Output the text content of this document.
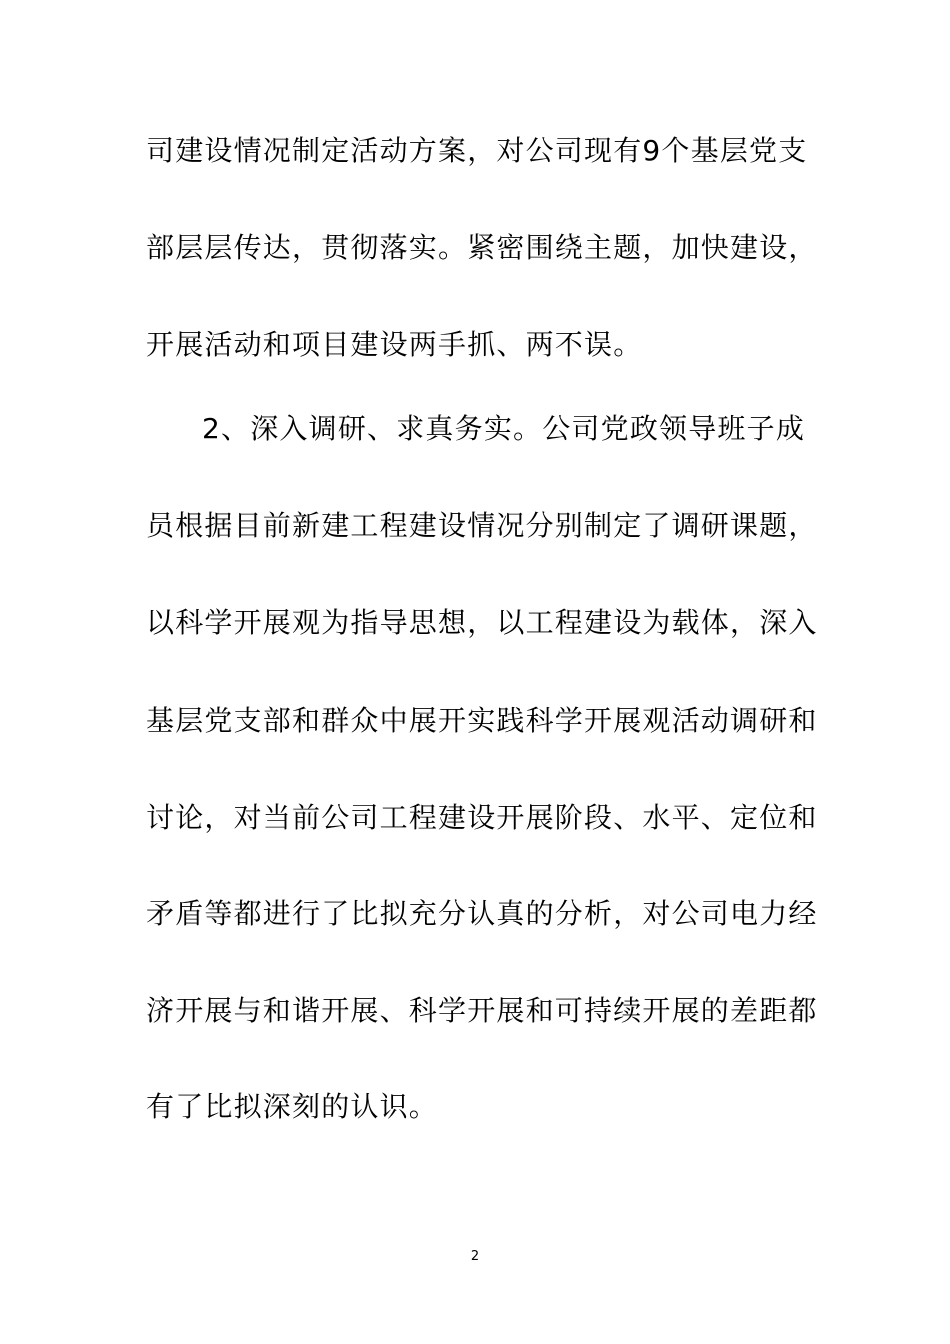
司建设情况制定活动方案，对公司现有9个基层党支
部层层传达，贯彻落实。紧密围绕主题，加快建设，
开展活动和项目建设两手抓、两不误。
2、深入调研、求真务实。公司党政领导班子成
员根据目前新建工程建设情况分别制定了调研课题，
以科学开展观为指导思想，以工程建设为载体，深入
基层党支部和群众中展开实践科学开展观活动调研和
讨论，对当前公司工程建设开展阶段、水平、定位和
矛盾等都进行了比拟充分认真的分析，对公司电力经
济开展与和谐开展、科学开展和可持续开展的差距都
有了比拟深刻的认识。
2
